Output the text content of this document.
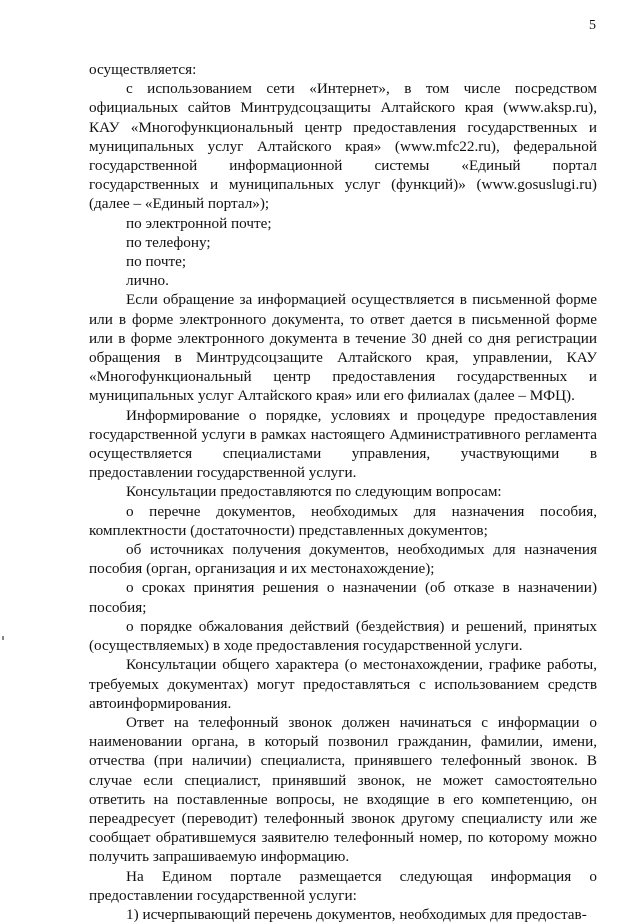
5

осуществляется:

с использованием сети «Интернет», в том числе посредством официальных сайтов Минтрудсоцзащиты Алтайского края (www.aksp.ru), КАУ «Многофункциональный центр предоставления государственных и муниципальных услуг Алтайского края» (www.mfc22.ru), федеральной государственной информационной системы «Единый портал государственных и муниципальных услуг (функций)» (www.gosuslugi.ru) (далее – «Единый портал»);

по электронной почте;

по телефону;

по почте;

лично.

Если обращение за информацией осуществляется в письменной форме или в форме электронного документа, то ответ дается в письменной форме или в форме электронного документа в течение 30 дней со дня регистрации обращения в Минтрудсоцзащите Алтайского края, управлении, КАУ «Многофункциональный центр предоставления государственных и муниципальных услуг Алтайского края» или его филиалах (далее – МФЦ).

Информирование о порядке, условиях и процедуре предоставления государственной услуги в рамках настоящего Административного регламента осуществляется специалистами управления, участвующими в предоставлении государственной услуги.

Консультации предоставляются по следующим вопросам:

о перечне документов, необходимых для назначения пособия, комплектности (достаточности) представленных документов;

об источниках получения документов, необходимых для назначения пособия (орган, организация и их местонахождение);

о сроках принятия решения о назначении (об отказе в назначении) пособия;

о порядке обжалования действий (бездействия) и решений, принятых (осуществляемых) в ходе предоставления государственной услуги.

Консультации общего характера (о местонахождении, графике работы, требуемых документах) могут предоставляться с использованием средств автоинформирования.

Ответ на телефонный звонок должен начинаться с информации о наименовании органа, в который позвонил гражданин, фамилии, имени, отчества (при наличии) специалиста, принявшего телефонный звонок. В случае если специалист, принявший звонок, не может самостоятельно ответить на поставленные вопросы, не входящие в его компетенцию, он переадресует (переводит) телефонный звонок другому специалисту или же сообщает обратившемуся заявителю телефонный номер, по которому можно получить запрашиваемую информацию.

На Едином портале размещается следующая информация о предоставлении государственной услуги:

1) исчерпывающий перечень документов, необходимых для предостав-
